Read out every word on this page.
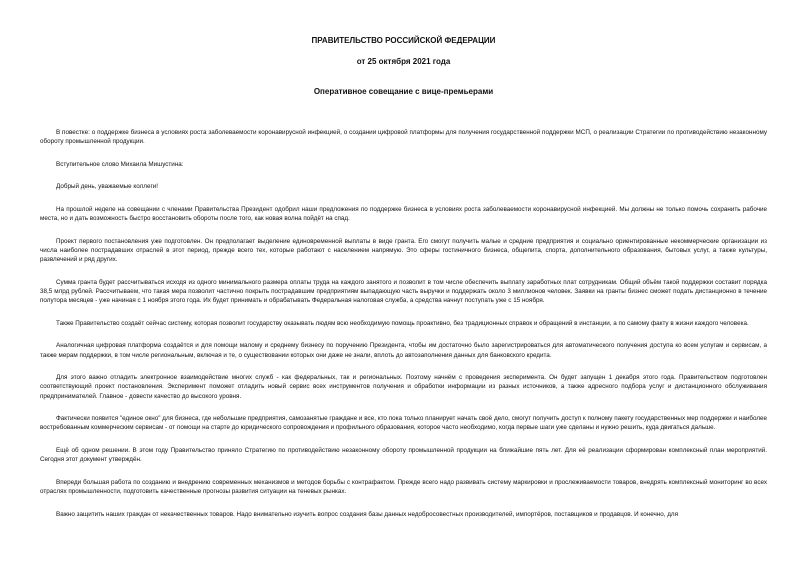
ПРАВИТЕЛЬСТВО РОССИЙСКОЙ ФЕДЕРАЦИИ
от 25 октября 2021 года
Оперативное совещание с вице-премьерами

В повестке: о поддержке бизнеса в условиях роста заболеваемости коронавирусной инфекцией, о создании цифровой платформы для получения государственной поддержки МСП, о реализации Стратегии по противодействию незаконному обороту промышленной продукции.

Вступительное слово Михаила Мишустина:

Добрый день, уважаемые коллеги!

На прошлой неделе на совещании с членами Правительства Президент одобрил наши предложения по поддержке бизнеса в условиях роста заболеваемости коронавирусной инфекцией. Мы должны не только помочь сохранить рабочие места, но и дать возможность быстро восстановить обороты после того, как новая волна пойдёт на спад.

Проект первого постановления уже подготовлен. Он предполагает выделение единовременной выплаты в виде гранта. Его смогут получить малые и средние предприятия и социально ориентированные некоммерческие организации из числа наиболее пострадавших отраслей в этот период, прежде всего тех, которые работают с населением напрямую. Это сферы гостиничного бизнеса, общепита, спорта, дополнительного образования, бытовых услуг, а также культуры, развлечений и ряд других.

Сумма гранта будет рассчитываться исходя из одного минимального размера оплаты труда на каждого занятого и позволит в том числе обеспечить выплату заработных плат сотрудникам. Общий объём такой поддержки составит порядка 38,5 млрд рублей. Рассчитываем, что такая мера позволит частично покрыть пострадавшим предприятиям выпадающую часть выручки и поддержать около 3 миллионов человек. Заявки на гранты бизнес сможет подать дистанционно в течение полутора месяцев - уже начиная с 1 ноября этого года. Их будет принимать и обрабатывать Федеральная налоговая служба, а средства начнут поступать уже с 15 ноября.

Также Правительство создаёт сейчас систему, которая позволит государству оказывать людям всю необходимую помощь проактивно, без традиционных справок и обращений в инстанции, а по самому факту в жизни каждого человека.

Аналогичная цифровая платформа создаётся и для помощи малому и среднему бизнесу по поручению Президента, чтобы им достаточно было зарегистрироваться для автоматического получения доступа ко всем услугам и сервисам, а также мерам поддержки, в том числе региональным, включая и те, о существовании которых они даже не знали, вплоть до автозаполнения данных для банковского кредита.

Для этого важно отладить электронное взаимодействие многих служб - как федеральных, так и региональных. Поэтому начнём с проведения эксперимента. Он будет запущен 1 декабря этого года. Правительством подготовлен соответствующий проект постановления. Эксперимент поможет отладить новый сервис всех инструментов получения и обработки информации из разных источников, а также адресного подбора услуг и дистанционного обслуживания предпринимателей. Главное - довести качество до высокого уровня.

Фактически появится "единое окно" для бизнеса, где небольшие предприятия, самозанятые граждане и все, кто пока только планирует начать своё дело, смогут получить доступ к полному пакету государственных мер поддержки и наиболее востребованным коммерческим сервисам - от помощи на старте до юридического сопровождения и профильного образования, которое часто необходимо, когда первые шаги уже сделаны и нужно решить, куда двигаться дальше.

Ещё об одном решении. В этом году Правительство приняло Стратегию по противодействию незаконному обороту промышленной продукции на ближайшие пять лет. Для её реализации сформирован комплексный план мероприятий. Сегодня этот документ утверждён.

Впереди большая работа по созданию и внедрению современных механизмов и методов борьбы с контрафактом. Прежде всего надо развивать систему маркировки и прослеживаемости товаров, внедрять комплексный мониторинг во всех отраслях промышленности, подготовить качественные прогнозы развития ситуации на теневых рынках.

Важно защитить наших граждан от некачественных товаров. Надо внимательно изучить вопрос создания базы данных недобросовестных производителей, импортёров, поставщиков и продавцов. И конечно, для
